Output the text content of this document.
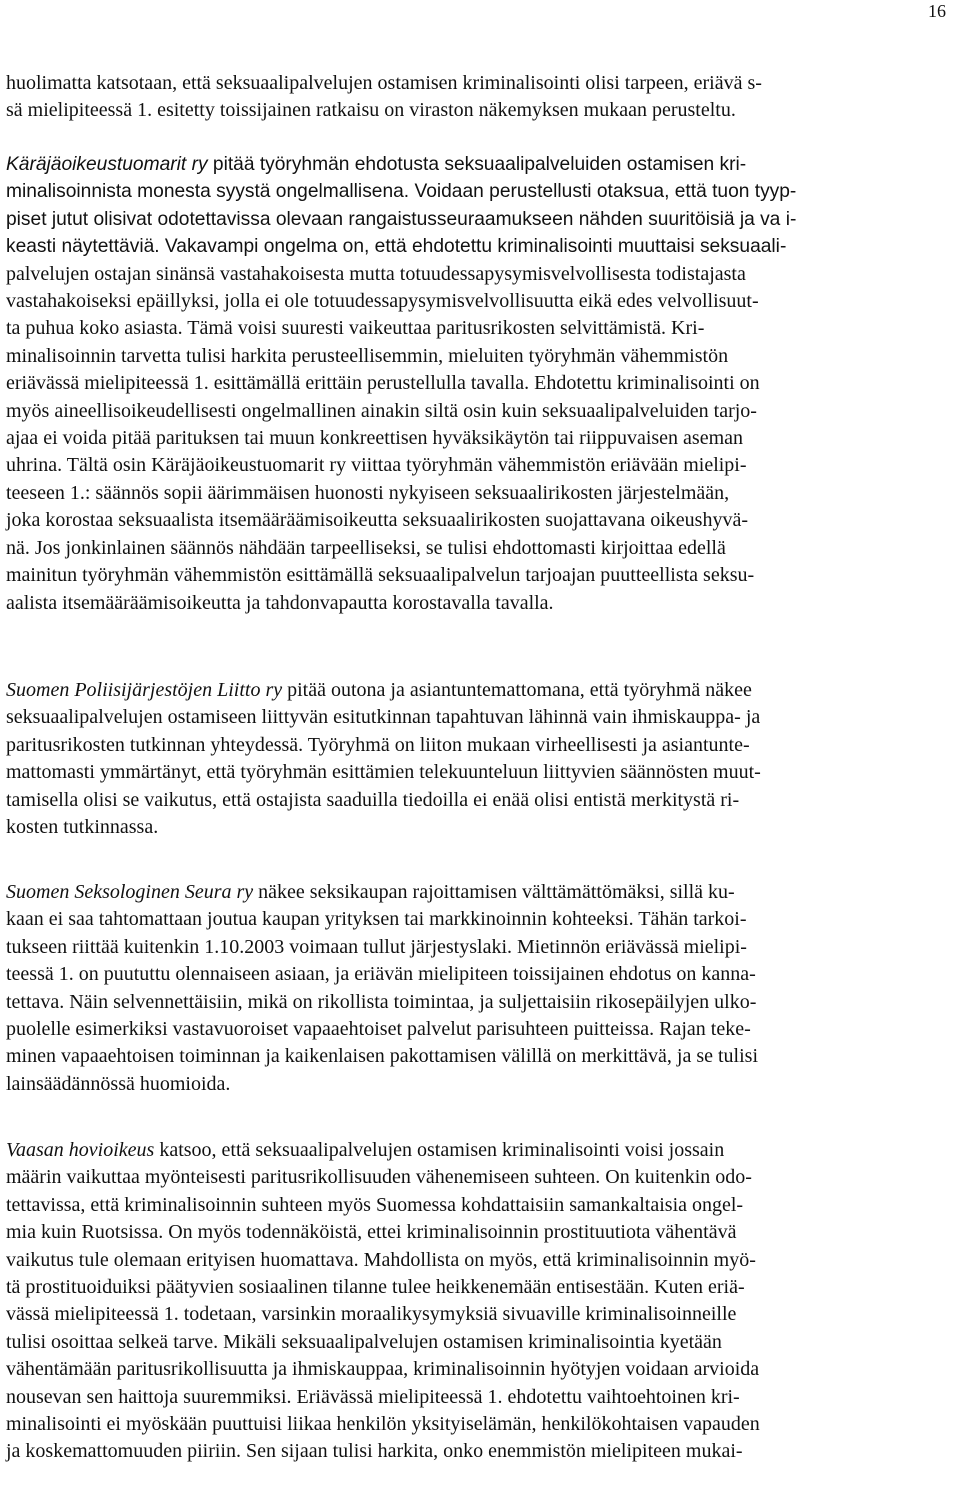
16

huolimatta katsotaan, että seksuaalipalvelujen ostamisen kriminalisointi olisi tarpeen, eriävä s-
sä mielipiteessä 1. esitetty toissijainen ratkaisu on viraston näkemyksen mukaan perusteltu.

Käräjäoikeustuomarit ry pitää työryhmän ehdotusta seksuaalipalveluiden ostamisen kri-
minalisoinnista monesta syystä ongelmallisena. Voidaan perustellusti otaksua, että tuon tyyp-
piset jutut olisivat odotettavissa olevaan rangaistusseuraamukseen nähden suuritöisiä ja va i-
keasti näytettäviä. Vakavampi ongelma on, että ehdotettu kriminalisointi muuttaisi seksuaali-
palvelujen ostajan sinänsä vastahakoisesta mutta totuudessapysymisvelvollisesta todistajasta
vastahakoiseksi epäillyksi, jolla ei ole totuudessapysymisvelvollisuutta eikä edes velvollisuut-
ta puhua koko asiasta. Tämä voisi suuresti vaikeuttaa paritusrikosten selvittämistä. Kri-
minalisoinnin tarvetta tulisi harkita perusteellisemmin, mieluiten työryhmän vähemmistön
eriävässä mielipiteessä 1. esittämällä erittäin perustellulla tavalla. Ehdotettu kriminalisointi on
myös aineellisoikeudellisesti ongelmallinen ainakin siltä osin kuin seksuaalipalveluiden tarjo-
ajaa ei voida pitää parituksen tai muun konkreettisen hyväksikäytön tai riippuvaisen aseman
uhrina. Tältä osin Käräjäoikeustuomarit ry viittaa työryhmän vähemmistön eriävään mielipi-
teeseen 1.: säännös sopii äärimmäisen huonosti nykyiseen seksuaalirikosten järjestelmään,
joka korostaa seksuaalista itsemääräämisoikeutta seksuaalirikosten suojattavana oikeushyvä-
nä. Jos jonkinlainen säännös nähdään tarpeelliseksi, se tulisi ehdottomasti kirjoittaa edellä
mainitun työryhmän vähemmistön esittämällä seksuaalipalvelun tarjoajan puutteellista seksu-
aalista itsemääräämisoikeutta ja tahdonvapautta korostavalla tavalla.

Suomen Poliisijärjestöjen Liitto ry pitää outona ja asiantuntemattomana, että työryhmä näkee
seksuaalipalvelujen ostamiseen liittyvän esitutkinnan tapahtuvan lähinnä vain ihmiskauppa- ja
paritusrikosten tutkinnan yhteydessä. Työryhmä on liiton mukaan virheellisesti ja asiantunte-
mattomasti ymmärtänyt, että työryhmän esittämien telekuunteluun liittyvien säännösten muut-
tamisella olisi se vaikutus, että ostajista saaduilla tiedoilla ei enää olisi entistä merkitystä ri-
kosten tutkinnassa.

Suomen Seksologinen Seura ry näkee seksikaupan rajoittamisen välttämättömäksi, sillä ku-
kaan ei saa tahtomattaan joutua kaupan yrityksen tai markkinoinnin kohteeksi. Tähän tarkoi-
tukseen riittää kuitenkin 1.10.2003 voimaan tullut järjestyslaki. Mietinnön eriävässä mielipi-
teessä 1. on puututtu olennaiseen asiaan, ja eriävän mielipiteen toissijainen ehdotus on kanna-
tettava. Näin selvennettäisiin, mikä on rikollista toimintaa, ja suljettaisiin rikosepäilyjen ulko-
puolelle esimerkiksi vastavuoroiset vapaaehtoiset palvelut parisuhteen puitteissa. Rajan teke-
minen vapaaehtoisen toiminnan ja kaikenlaisen pakottamisen välillä on merkittävä, ja se tulisi
lainsäädännössä huomioida.

Vaasan hovioikeus katsoo, että seksuaalipalvelujen ostamisen kriminalisointi voisi jossain
määrin vaikuttaa myönteisesti paritusrikollisuuden vähenemiseen suhteen. On kuitenkin odo-
tettavissa, että kriminalisoinnin suhteen myös Suomessa kohdattaisiin samankaltaisia ongel-
mia kuin Ruotsissa. On myös todennäköistä, ettei kriminalisoinnin prostituutiota vähentävä
vaikutus tule olemaan erityisen huomattava. Mahdollista on myös, että kriminalisoinnin myö-
tä prostituoiduiksi päätyvien sosiaalinen tilanne tulee heikkenemään entisestään. Kuten eriä-
vässä mielipiteessä 1. todetaan, varsinkin moraalikysymyksiä sivuaville kriminalisoinneille
tulisi osoittaa selkeä tarve. Mikäli seksuaalipalvelujen ostamisen kriminalisointia kyetään
vähentämään paritusrikollisuutta ja ihmiskauppaa, kriminalisoinnin hyötyjen voidaan arvioida
nousevan sen haittoja suuremmiksi. Eriävässä mielipiteessä 1. ehdotettu vaihtoehtoinen kri-
minalisointi ei myöskään puuttuisi liikaa henkilön yksityiselämän, henkilökohtaisen vapauden
ja koskemattomuuden piiriin. Sen sijaan tulisi harkita, onko enemmistön mielipiteen mukai-
